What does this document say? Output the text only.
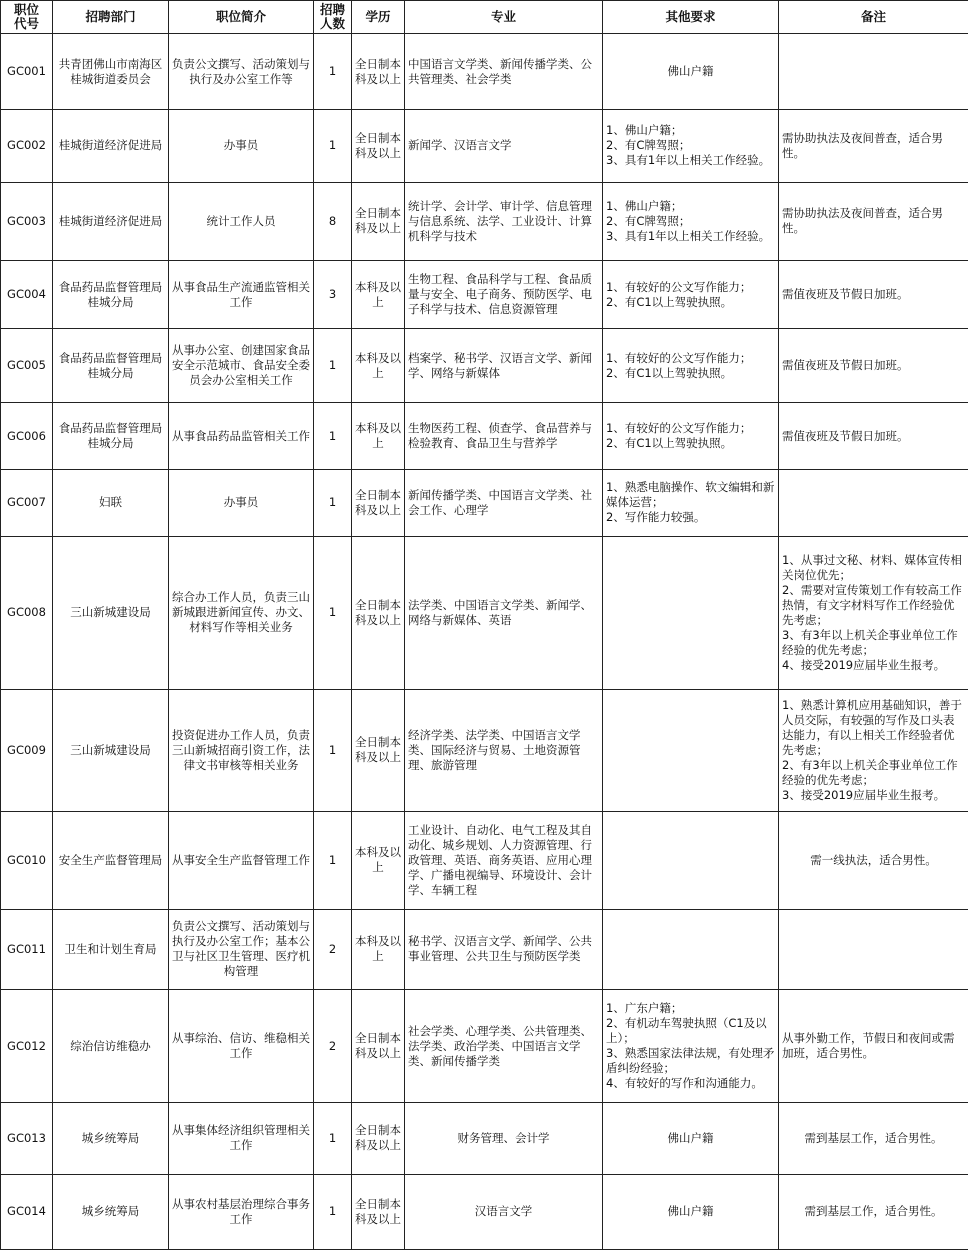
职位
代号	招聘部门	职位简介	招聘
人数	学历	专业	其他要求	备注
GC001	共青团佛山市南海区桂城街道委员会	负责公文撰写、活动策划与执行及办公室工作等	1	全日制本科及以上	中国语言文学类、新闻传播学类、公共管理类、社会学类	佛山户籍	

GC002	桂城街道经济促进局	办事员	1	全日制本科及以上	新闻学、汉语言文学	1、佛山户籍；
2、有C牌驾照；
3、具有1年以上相关工作经验。	需协助执法及夜间普查，适合男性。

GC003	桂城街道经济促进局	统计工作人员	8	全日制本科及以上	统计学、会计学、审计学、信息管理与信息系统、法学、工业设计、计算机科学与技术	1、佛山户籍；
2、有C牌驾照；
3、具有1年以上相关工作经验。	需协助执法及夜间普查，适合男性。

GC004	食品药品监督管理局桂城分局	从事食品生产流通监管相关工作	3	本科及以上	生物工程、食品科学与工程、食品质量与安全、电子商务、预防医学、电子科学与技术、信息资源管理	1、有较好的公文写作能力；
2、有C1以上驾驶执照。	需值夜班及节假日加班。

GC005	食品药品监督管理局桂城分局	从事办公室、创建国家食品安全示范城市、食品安全委员会办公室相关工作	1	本科及以上	档案学、秘书学、汉语言文学、新闻学、网络与新媒体	1、有较好的公文写作能力；
2、有C1以上驾驶执照。	需值夜班及节假日加班。

GC006	食品药品监督管理局桂城分局	从事食品药品监管相关工作	1	本科及以上	生物医药工程、侦查学、食品营养与检验教育、食品卫生与营养学	1、有较好的公文写作能力；
2、有C1以上驾驶执照。	需值夜班及节假日加班。

GC007	妇联	办事员	1	全日制本科及以上	新闻传播学类、中国语言文学类、社会工作、心理学	1、熟悉电脑操作、软文编辑和新媒体运营；
2、写作能力较强。	

GC008	三山新城建设局	综合办工作人员，负责三山新城跟进新闻宣传、办文、材料写作等相关业务	1	全日制本科及以上	法学类、中国语言文学类、新闻学、网络与新媒体、英语		1、从事过文秘、材料、媒体宣传相关岗位优先；
2、需要对宣传策划工作有较高工作热情，有文字材料写作工作经验优先考虑；
3、有3年以上机关企事业单位工作经验的优先考虑；
4、接受2019应届毕业生报考。

GC009	三山新城建设局	投资促进办工作人员，负责三山新城招商引资工作，法律文书审核等相关业务	1	全日制本科及以上	经济学类、法学类、中国语言文学类、国际经济与贸易、土地资源管理、旅游管理		1、熟悉计算机应用基础知识，善于人员交际，有较强的写作及口头表达能力，有以上相关工作经验者优先考虑；
2、有3年以上机关企事业单位工作经验的优先考虑；
3、接受2019应届毕业生报考。

GC010	安全生产监督管理局	从事安全生产监督管理工作	1	本科及以上	工业设计、自动化、电气工程及其自动化、城乡规划、人力资源管理、行政管理、英语、商务英语、应用心理学、广播电视编导、环境设计、会计学、车辆工程		需一线执法，适合男性。

GC011	卫生和计划生育局	负责公文撰写、活动策划与执行及办公室工作；基本公卫与社区卫生管理、医疗机构管理	2	本科及以上	秘书学、汉语言文学、新闻学、公共事业管理、公共卫生与预防医学类		
GC012	综治信访维稳办	从事综治、信访、维稳相关工作	2	全日制本科及以上	社会学类、心理学类、公共管理类、法学类、政治学类、中国语言文学类、新闻传播学类	1、广东户籍；
2、有机动车驾驶执照（C1及以上）；
3、熟悉国家法律法规，有处理矛盾纠纷经验；
4、有较好的写作和沟通能力。	从事外勤工作，节假日和夜间或需加班，适合男性。

GC013	城乡统筹局	从事集体经济组织管理相关工作	1	全日制本科及以上	财务管理、会计学	佛山户籍	需到基层工作，适合男性。

GC014	城乡统筹局	从事农村基层治理综合事务工作	1	全日制本科及以上	汉语言文学	佛山户籍	需到基层工作，适合男性。
